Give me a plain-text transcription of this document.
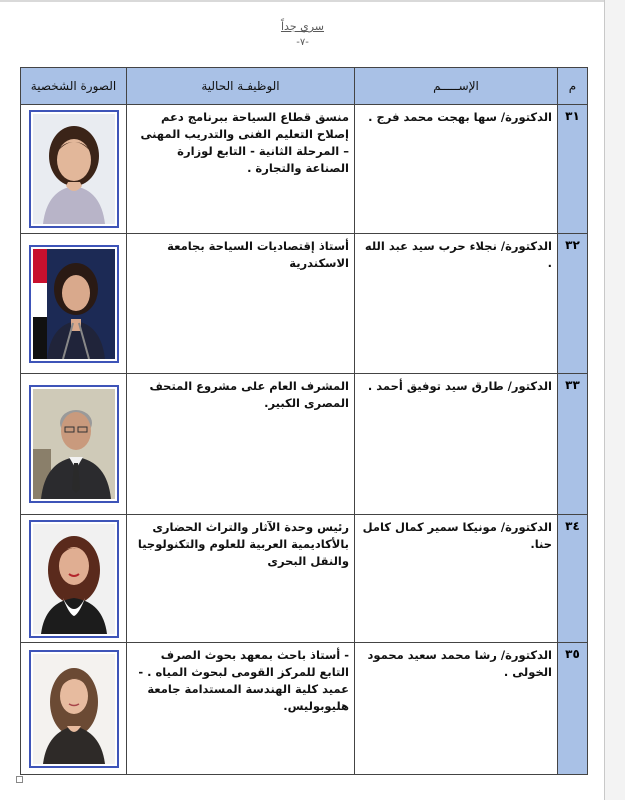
سري جداً
-٧-
م	الإســـــم	الوظيفـة الحالية	الصورة الشخصية
٣١	الدكتورة/ سها بهجت محمد فرج .	منسق قطاع السياحة ببرنامج دعم إصلاح التعليم الفنى والتدريب المهنى – المرحلة الثانية - التابع لوزارة الصناعة والتجارة .	

٣٢	الدكتورة/ نجلاء حرب سيد عبد الله .	أستاذ إقتصاديات السياحة بجامعة الاسكندرية	

٣٣	الدكتور/ طارق سيد توفيق أحمد .	المشرف العام على مشروع المتحف المصرى الكبير.	

٣٤	الدكتورة/ مونيكا سمير كمال كامل حنا.	رئيس وحدة الآثار والتراث الحضارى بالأكاديمية العربية للعلوم والتكنولوجيا والنقل البحرى	

٣٥	الدكتورة/ رشا محمد سعيد محمود الخولى .	- أستاذ باحث بمعهد بحوث الصرف التابع للمركز القومى لبحوث المياه . - عميد كلية الهندسة المستدامة جامعة هليوبوليس.	
